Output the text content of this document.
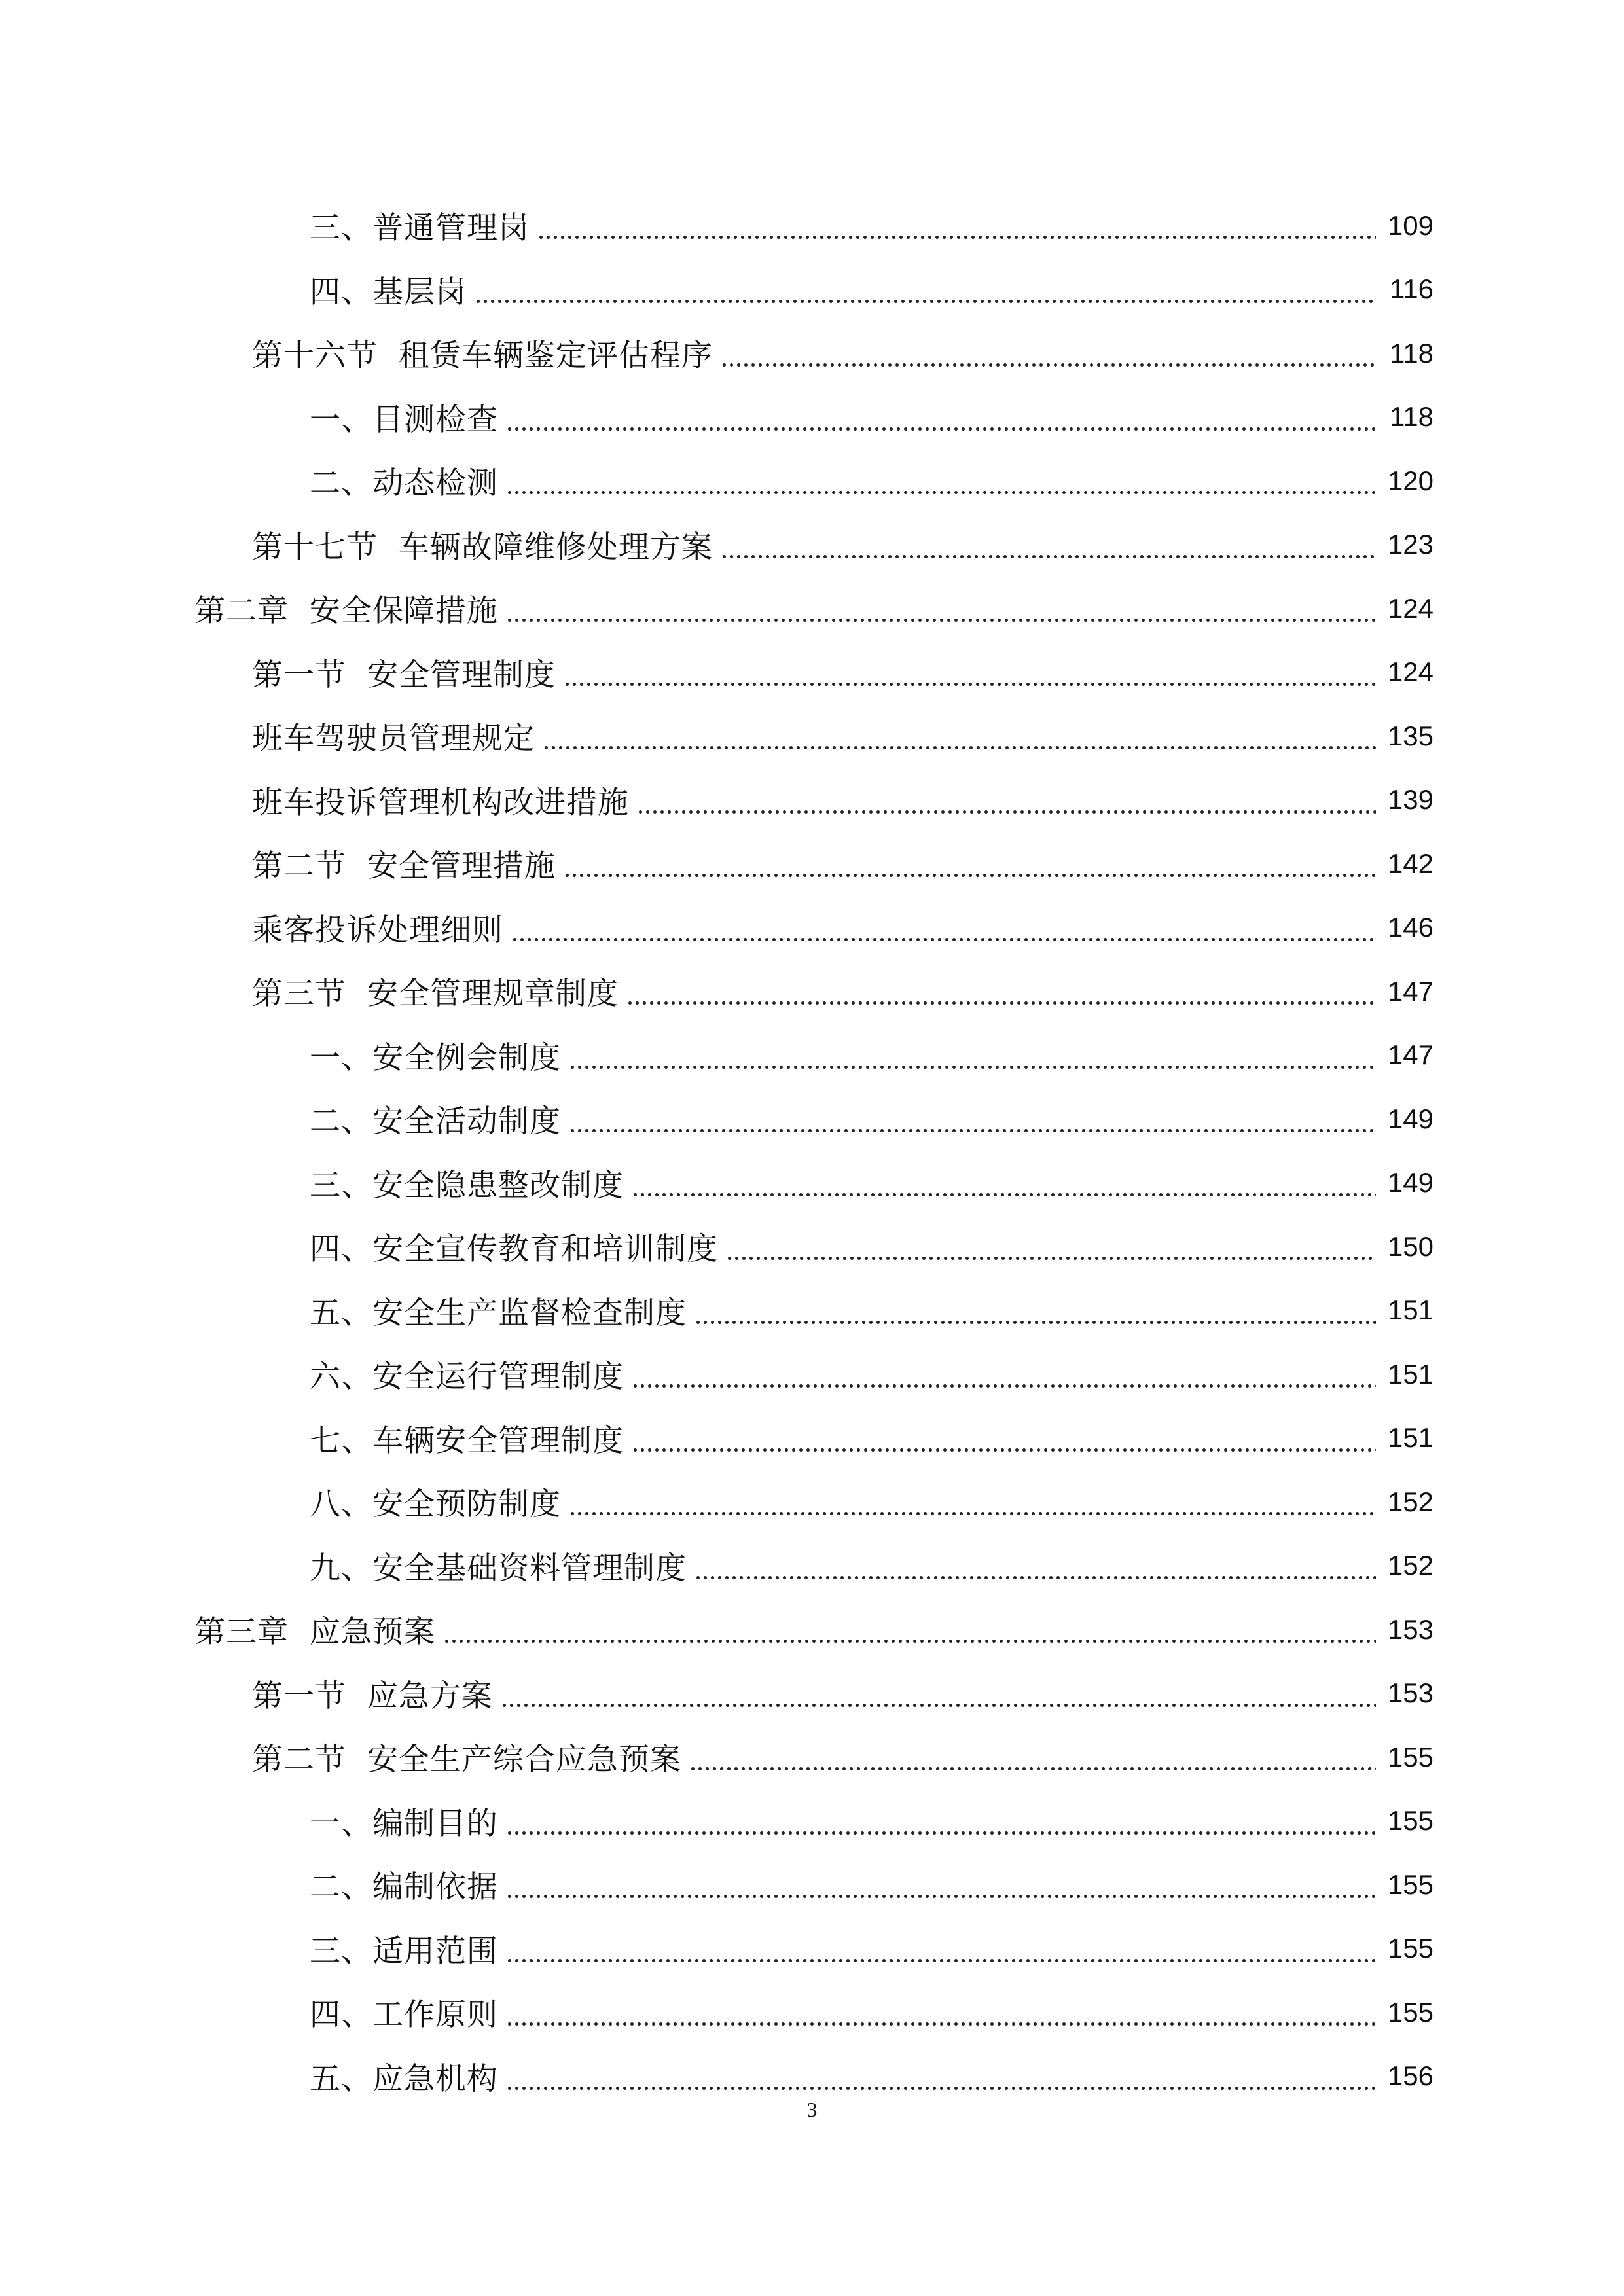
三、普通管理岗	109
四、基层岗	116
第十六节  租赁车辆鉴定评估程序	118
一、目测检查	118
二、动态检测	120
第十七节  车辆故障维修处理方案	123
第二章  安全保障措施	124
第一节  安全管理制度	124
班车驾驶员管理规定	135
班车投诉管理机构改进措施	139
第二节  安全管理措施	142
乘客投诉处理细则	146
第三节  安全管理规章制度	147
一、安全例会制度	147
二、安全活动制度	149
三、安全隐患整改制度	149
四、安全宣传教育和培训制度	150
五、安全生产监督检查制度	151
六、安全运行管理制度	151
七、车辆安全管理制度	151
八、安全预防制度	152
九、安全基础资料管理制度	152
第三章  应急预案	153
第一节  应急方案	153
第二节  安全生产综合应急预案	155
一、编制目的	155
二、编制依据	155
三、适用范围	155
四、工作原则	155
五、应急机构	156
3
